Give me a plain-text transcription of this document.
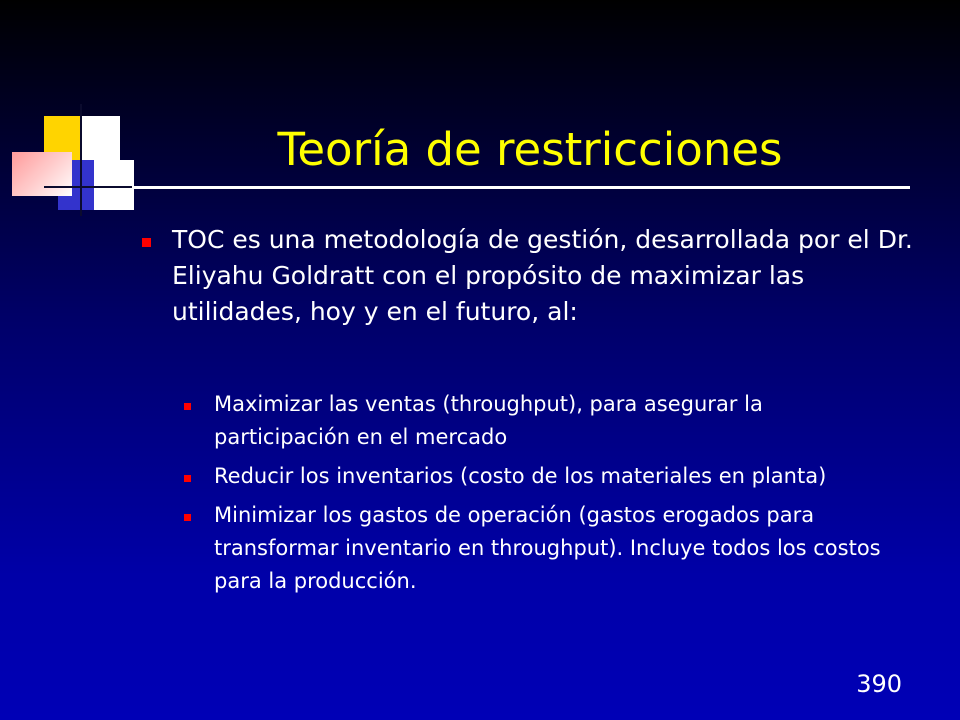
Teoría de restricciones
TOC es una metodología de gestión, desarrollada por el Dr. Eliyahu Goldratt con el propósito de maximizar las utilidades, hoy y en el futuro, al:
Maximizar las ventas (throughput), para asegurar la participación en el mercado
Reducir los inventarios (costo de los materiales en planta)
Minimizar los gastos de operación (gastos erogados para transformar inventario en throughput). Incluye todos los costos para la producción.
390
